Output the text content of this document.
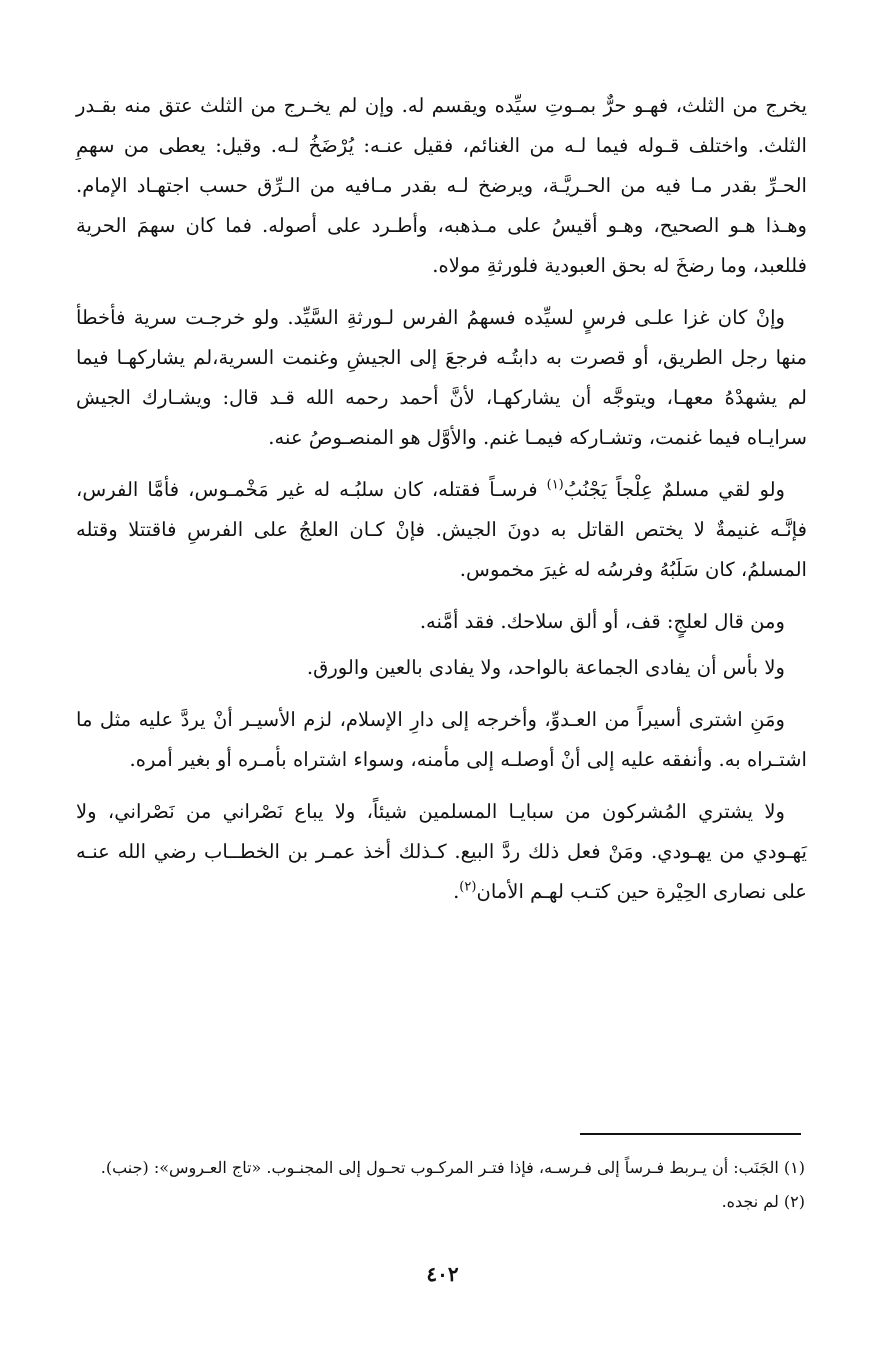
يخرج من الثلث، فهـو حرٌّ بمـوتِ سيِّده ويقسم له. وإن لم يخـرج من الثلث عتق منه بقـدر الثلث. واختلف قـوله فيما لـه من الغنائم، فقيل عنـه: يُرْضَخُ لـه. وقيل: يعطى من سهمِ الحـرِّ بقدر مـا فيه من الحـريَّـة، ويرضخ لـه بقدر مـافيه من الـرِّق حسب اجتهـاد الإمام. وهـذا هـو الصحيح، وهـو أقيسُ على مـذهبه، وأطـرد على أصوله. فما كان سهمَ الحرية فللعبد، وما رضخَ له بحق العبودية فلورثةِ مولاه.

وإنْ كان غزا علـى فرسٍ لسيِّده فسهمُ الفرس لـورثةِ السَّيِّد. ولو خرجـت سرية فأخطأ منها رجل الطريق، أو قصرت به دابتُـه فرجعَ إلى الجيشِ وغنمت السرية،لم يشاركهـا فيما لم يشهدْهُ معهـا، ويتوجَّه أن يشاركهـا، لأنَّ أحمد رحمه الله قـد قال: ويشـارك الجيش سرايـاه فيما غنمت، وتشـاركه فيمـا غنم. والأوَّل هو المنصـوصُ عنه.

ولو لقي مسلمٌ عِلْجاً يَجْنُبُ$^{(١)}$ فرسـاً فقتله، كان سلبُـه له غير مَخْمـوس، فأمَّا الفرس، فإنَّـه غنيمةٌ لا يختص القاتل به دونَ الجيش. فإنْ كـان العلجُ على الفرسِ فاقتتلا وقتله المسلمُ، كان سَلَبُهُ وفرسُه له غيرَ مخموس.

ومن قال لعلجٍ: قف، أو ألق سلاحك. فقد أمَّنه.

ولا بأس أن يفادى الجماعة بالواحد، ولا يفادى بالعين والورق.

ومَنِ اشترى أسيراً من العـدوِّ، وأخرجه إلى دارِ الإسلام، لزم الأسيـر أنْ يردَّ عليه مثل ما اشتـراه به. وأنفقه عليه إلى أنْ أوصلـه إلى مأمنه، وسواء اشتراه بأمـره أو بغير أمره.

ولا يشتري المُشركون من سبايـا المسلمين شيئاً، ولا يباع نَصْراني من نَصْراني، ولا يَهـودي من يهـودي. ومَنْ فعل ذلك ردَّ البيع. كـذلك أخذ عمـر بن الخطــاب رضي الله عنـه على نصارى الحِيْرة حين كتـب لهـم الأمان$^{(٢)}$.

(١) الجَنَب: أن يـربط فـرساً إلى فـرسـه، فإذا فتـر المركـوب تحـول إلى المجنـوب. «تاج العـروس»: (جنب).

(٢) لم نجده.

٤٠٢
